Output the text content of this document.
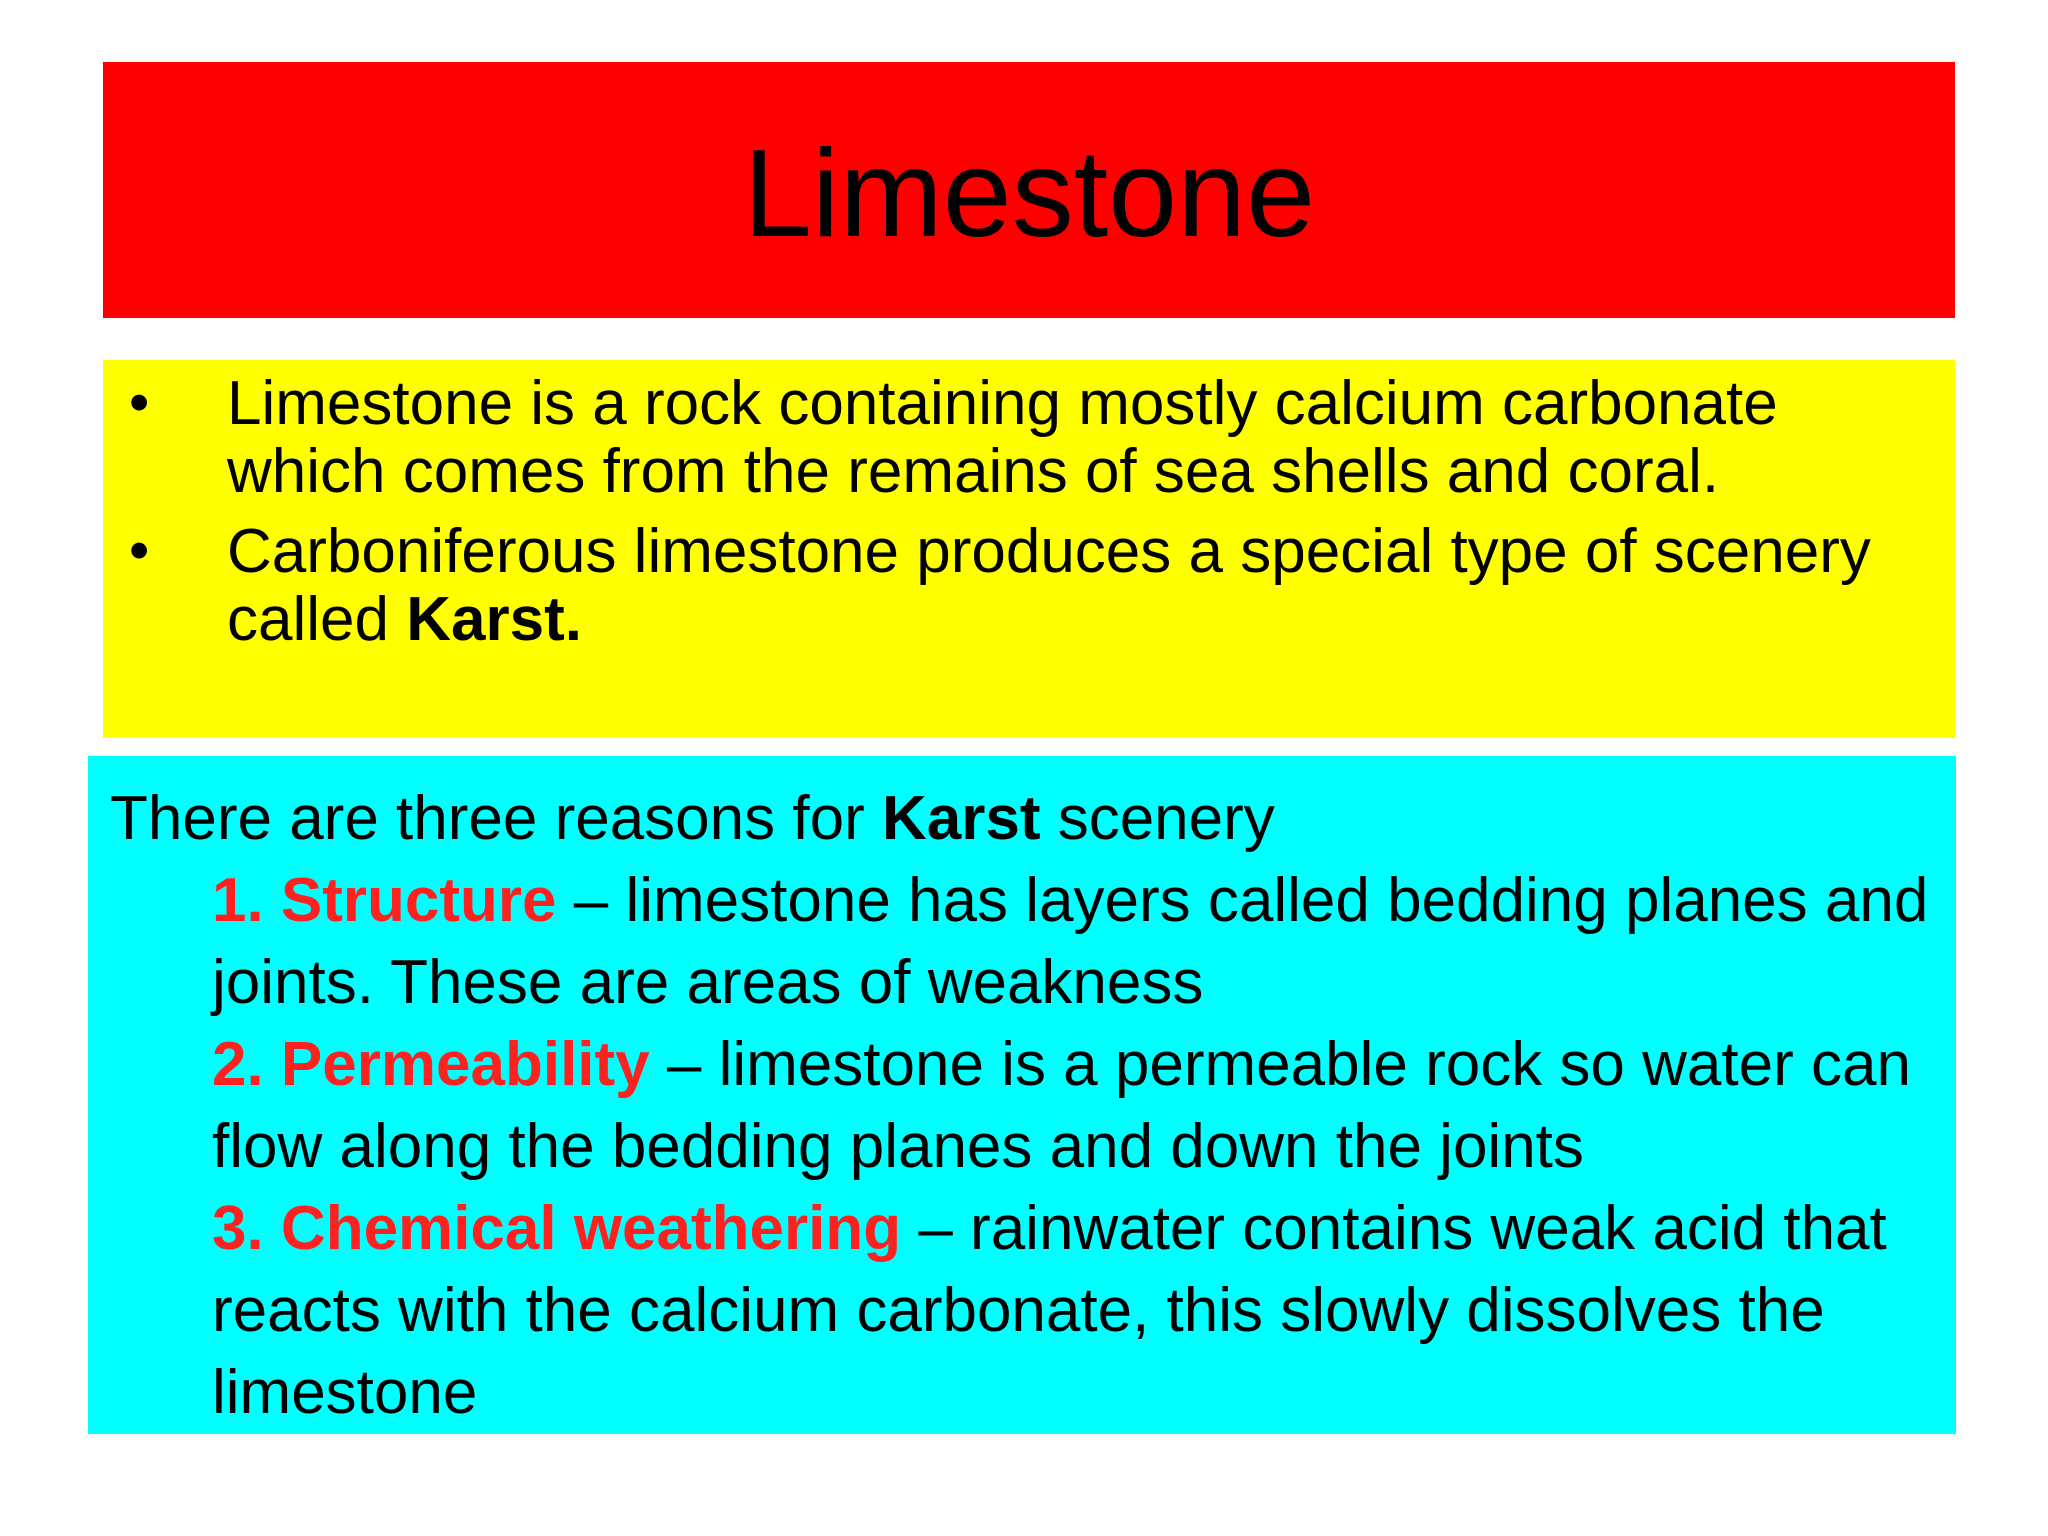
Limestone
• Limestone is a rock containing mostly calcium carbonate which comes from the remains of sea shells and coral.
• Carboniferous limestone produces a special type of scenery called Karst.
There are three reasons for Karst scenery
1. Structure – limestone has layers called bedding planes and joints. These are areas of weakness
2. Permeability – limestone is a permeable rock so water can flow along the bedding planes and down the joints
3. Chemical weathering – rainwater contains weak acid that reacts with the calcium carbonate, this slowly dissolves the limestone
